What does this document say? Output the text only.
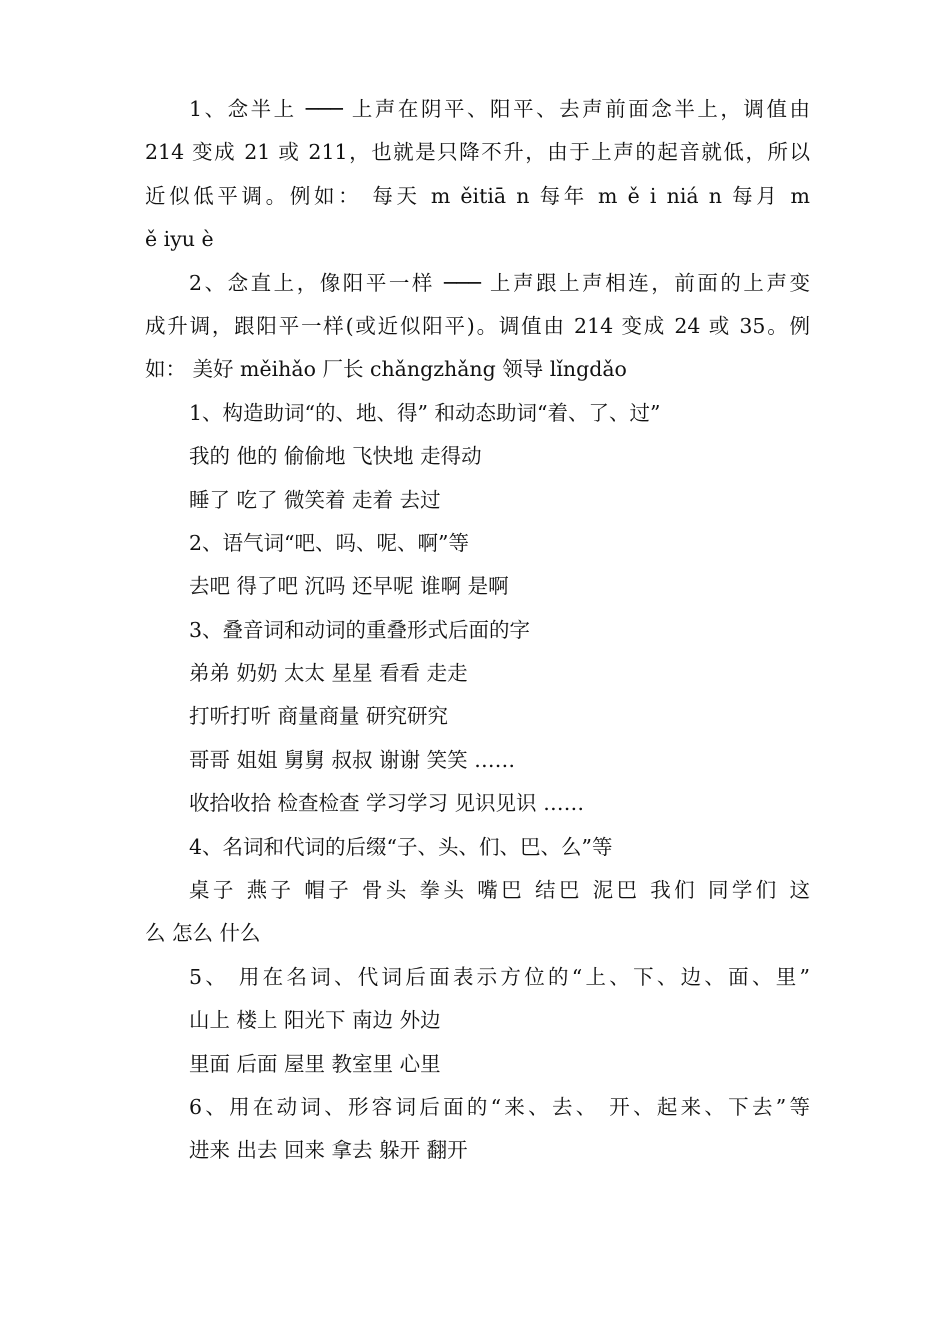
1、念半上 ─── 上声在阴平、阳平、去声前面念半上，调值由
214 变成 21 或 211，也就是只降不升，由于上声的起音就低，所以
近似低平调。例如： 每天 m ěitiā n 每年 m ě i niá n 每月 m
ě iyu è
2、念直上，像阳平一样 ─── 上声跟上声相连，前面的上声变
成升调，跟阳平一样(或近似阳平)。调值由 214 变成 24 或 35。例
如： 美好 měihǎo 厂长 chǎngzhǎng 领导 lǐngdǎo
1、构造助词“的、地、得” 和动态助词“着、了、过”
我的 他的 偷偷地 飞快地 走得动
睡了 吃了 微笑着 走着 去过
2、语气词“吧、吗、呢、啊”等
去吧 得了吧 沉吗 还早呢 谁啊 是啊
3、叠音词和动词的重叠形式后面的字
弟弟 奶奶 太太 星星 看看 走走
打听打听 商量商量 研究研究
哥哥 姐姐 舅舅 叔叔 谢谢 笑笑 ……
收拾收拾 检查检查 学习学习 见识见识 ……
4、名词和代词的后缀“子、头、们、巴、么”等
桌子 燕子 帽子 骨头 拳头 嘴巴 结巴 泥巴 我们 同学们 这
么 怎么 什么
5、 用在名词、代词后面表示方位的“上、下、边、面、里”
山上 楼上 阳光下 南边 外边
里面 后面 屋里 教室里 心里
6、用在动词、形容词后面的“来、去、 开、起来、下去”等
进来 出去 回来 拿去 躲开 翻开
